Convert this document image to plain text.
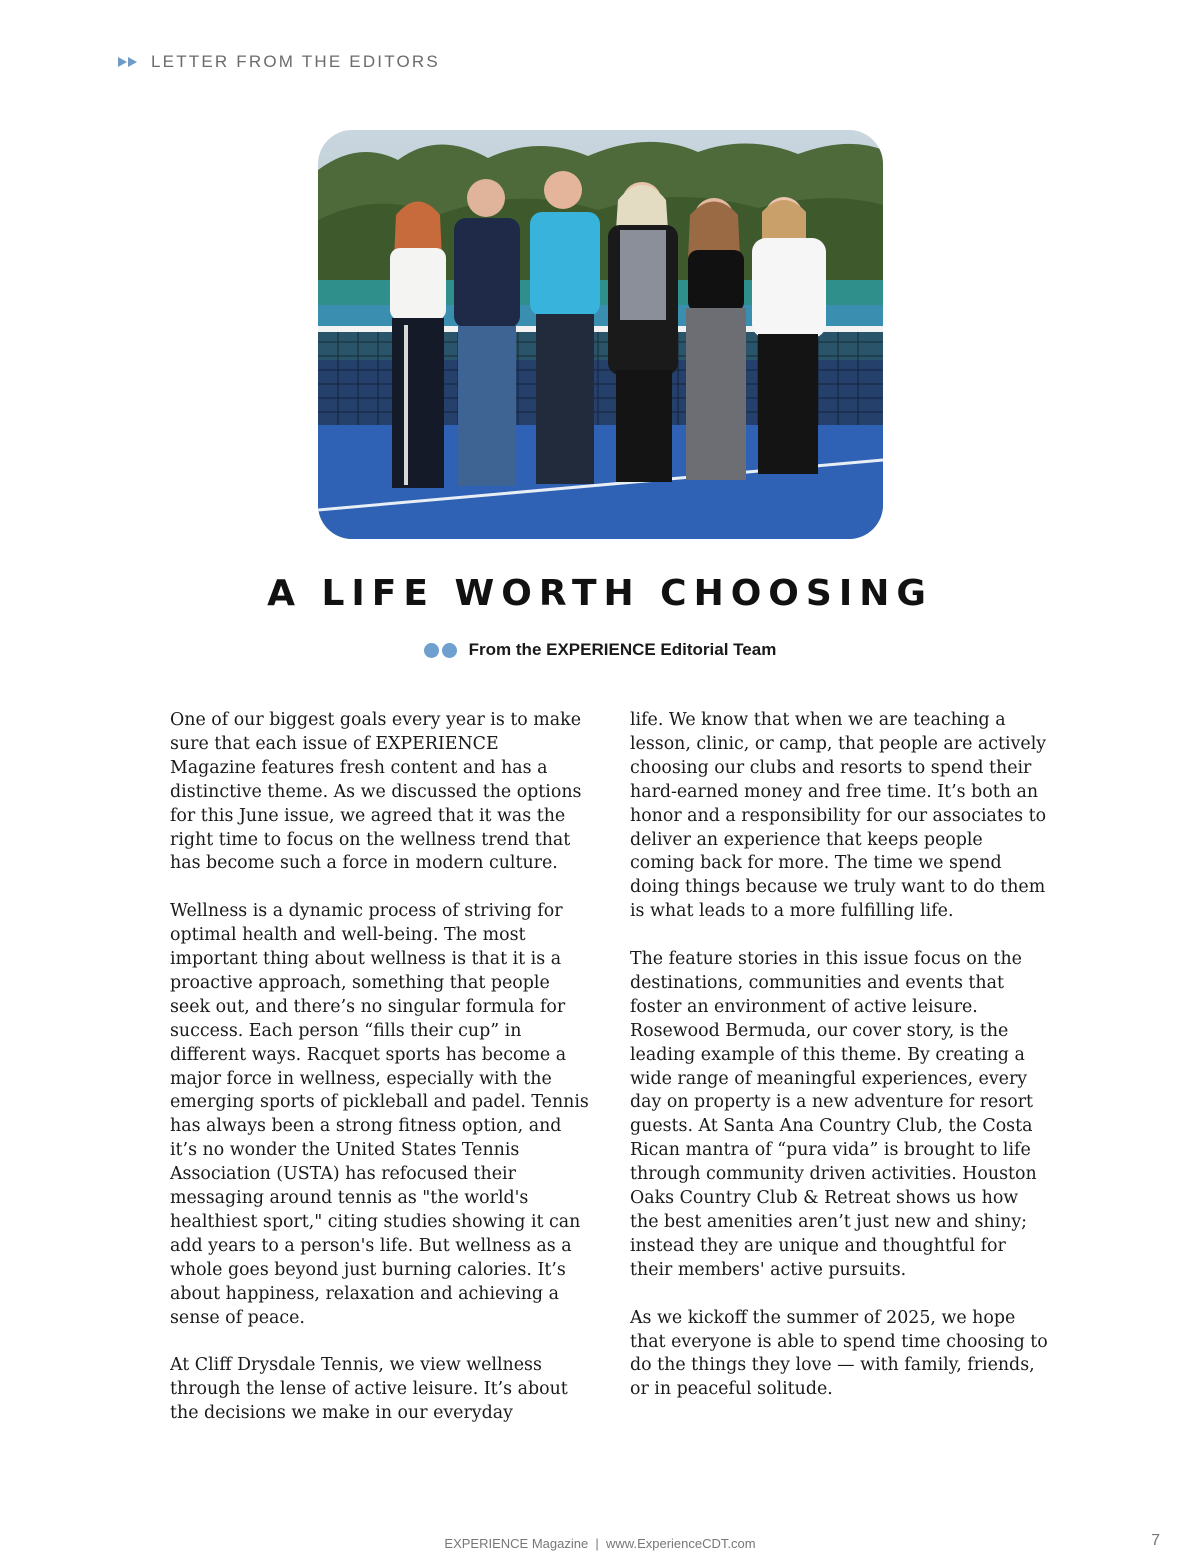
LETTER FROM THE EDITORS
A LIFE WORTH CHOOSING
From the EXPERIENCE Editorial Team

One of our biggest goals every year is to make sure that each issue of EXPERIENCE Magazine features fresh content and has a distinctive theme. As we discussed the options for this June issue, we agreed that it was the right time to focus on the wellness trend that has become such a force in modern culture.

Wellness is a dynamic process of striving for optimal health and well-being. The most important thing about wellness is that it is a proactive approach, something that people seek out, and there’s no singular formula for success. Each person “fills their cup” in different ways. Racquet sports has become a major force in wellness, especially with the emerging sports of pickleball and padel. Tennis has always been a strong fitness option, and it’s no wonder the United States Tennis Association (USTA) has refocused their messaging around tennis as "the world's healthiest sport," citing studies showing it can add years to a person's life. But wellness as a whole goes beyond just burning calories. It’s about happiness, relaxation and achieving a sense of peace.

At Cliff Drysdale Tennis, we view wellness through the lense of active leisure. It’s about the decisions we make in our everyday

life. We know that when we are teaching a lesson, clinic, or camp, that people are actively choosing our clubs and resorts to spend their hard-earned money and free time. It’s both an honor and a responsibility for our associates to deliver an experience that keeps people coming back for more. The time we spend doing things because we truly want to do them is what leads to a more fulfilling life.

The feature stories in this issue focus on the destinations, communities and events that foster an environment of active leisure. Rosewood Bermuda, our cover story, is the leading example of this theme. By creating a wide range of meaningful experiences, every day on property is a new adventure for resort guests. At Santa Ana Country Club, the Costa Rican mantra of “pura vida” is brought to life through community driven activities. Houston Oaks Country Club & Retreat shows us how the best amenities aren’t just new and shiny; instead they are unique and thoughtful for their members' active pursuits.

As we kickoff the summer of 2025, we hope that everyone is able to spend time choosing to do the things they love — with family, friends, or in peaceful solitude.

EXPERIENCE Magazine  |  www.ExperienceCDT.com	7
